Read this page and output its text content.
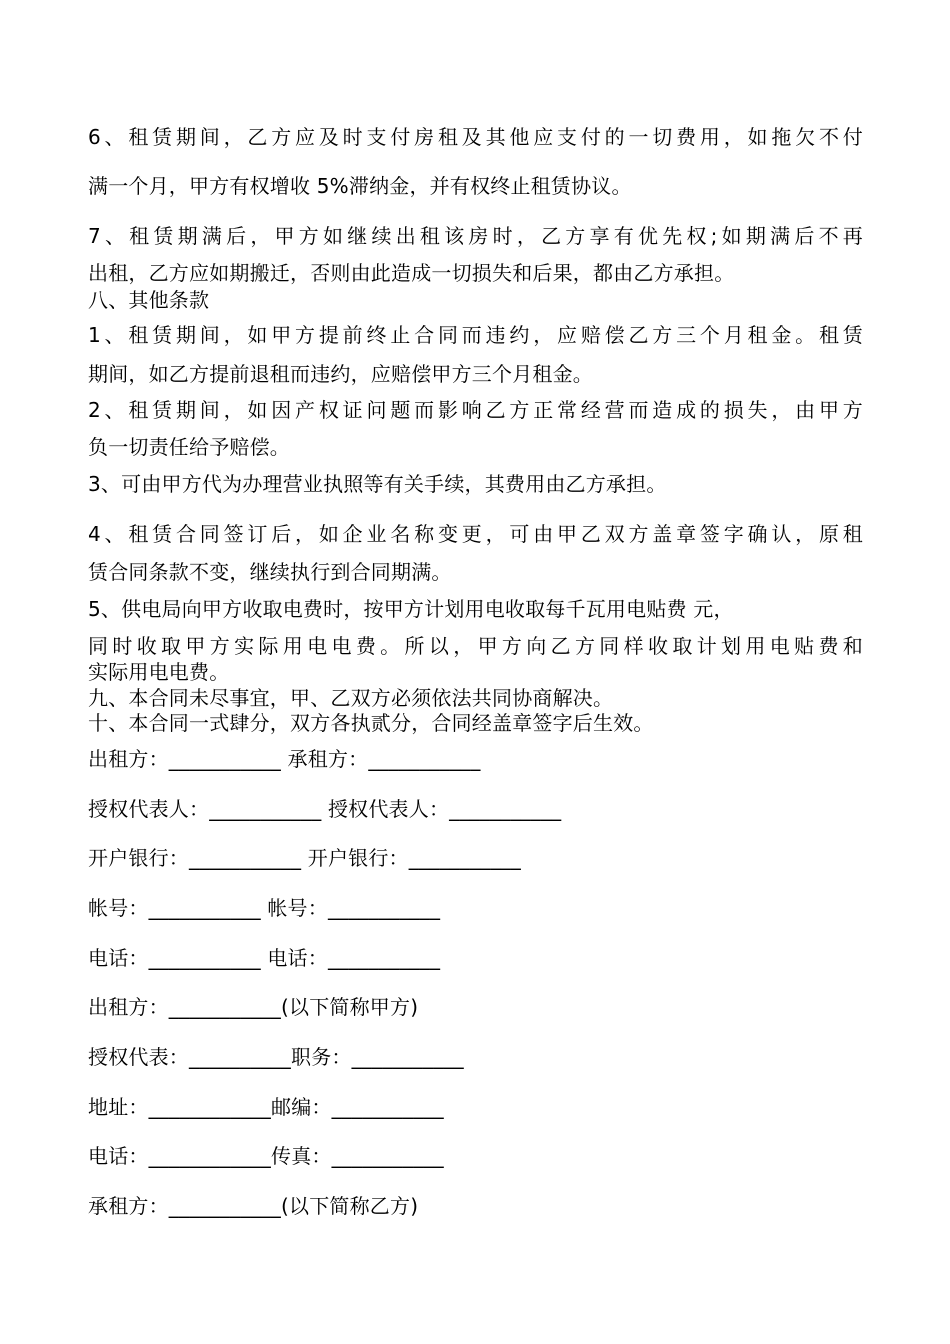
6、租赁期间，乙方应及时支付房租及其他应支付的一切费用，如拖欠不付
满一个月，甲方有权增收 5%滞纳金，并有权终止租赁协议。
7、租赁期满后，甲方如继续出租该房时，乙方享有优先权;如期满后不再
出租，乙方应如期搬迁，否则由此造成一切损失和后果，都由乙方承担。
八、其他条款
1、租赁期间，如甲方提前终止合同而违约，应赔偿乙方三个月租金。租赁
期间，如乙方提前退租而违约，应赔偿甲方三个月租金。
2、租赁期间，如因产权证问题而影响乙方正常经营而造成的损失，由甲方
负一切责任给予赔偿。
3、可由甲方代为办理营业执照等有关手续，其费用由乙方承担。
4、租赁合同签订后，如企业名称变更，可由甲乙双方盖章签字确认，原租
赁合同条款不变，继续执行到合同期满。
5、供电局向甲方收取电费时，按甲方计划用电收取每千瓦用电贴费 元，
同时收取甲方实际用电电费。所以，甲方向乙方同样收取计划用电贴费和
实际用电电费。
九、本合同未尽事宜，甲、乙双方必须依法共同协商解决。
十、本合同一式肆分，双方各执贰分，合同经盖章签字后生效。
出租方：___________ 承租方：___________
授权代表人：___________ 授权代表人：___________
开户银行：___________ 开户银行：___________
帐号：___________ 帐号：___________
电话：___________ 电话：___________
出租方：___________(以下简称甲方)
授权代表：__________职务：___________
地址：____________邮编：___________
电话：____________传真：___________
承租方：___________(以下简称乙方)
